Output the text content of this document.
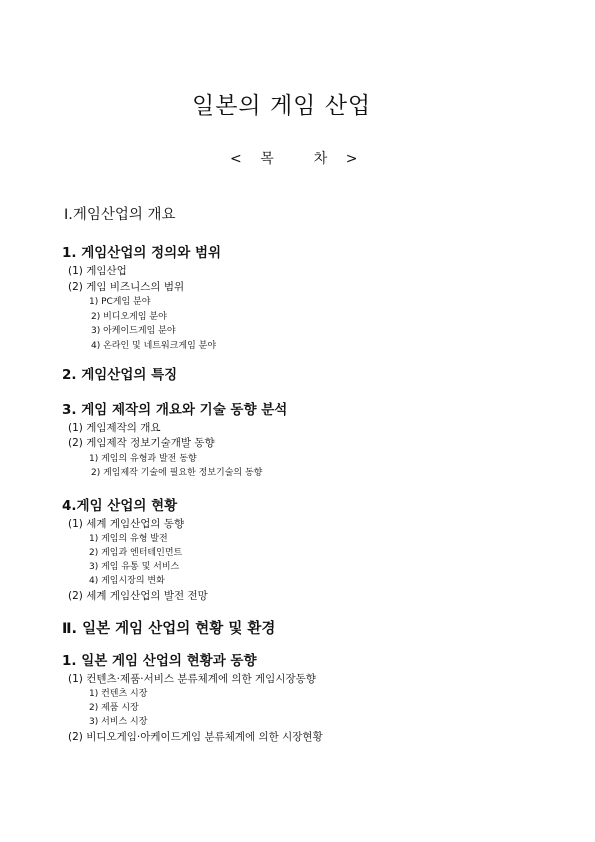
일본의 게임 산업
< 목	차 >
Ⅰ.게임산업의 개요
1. 게임산업의 정의와 범위
(1) 게임산업
(2) 게임 비즈니스의 범위
1) PC게임 분야
2) 비디오게임 분야
3) 아케이드게임 분야
4) 온라인 및 네트워크게임 분야
2. 게임산업의 특징
3. 게임 제작의 개요와 기술 동향 분석
(1) 게임제작의 개요
(2) 게임제작 정보기술개발 동향
1) 게임의 유형과 발전 동향
2) 게임제작 기술에 필요한 정보기술의 동향
4.게임 산업의 현황
(1) 세계 게임산업의 동향
1) 게임의 유형 발전
2) 게임과 엔터테인먼트
3) 게임 유통 및 서비스
4) 게임시장의 변화
(2) 세계 게임산업의 발전 전망
Ⅱ. 일본 게임 산업의 현황 및 환경
1. 일본 게임 산업의 현황과 동향
(1) 컨텐츠·제품·서비스 분류체계에 의한 게임시장동향
1) 컨텐츠 시장
2) 제품 시장
3) 서비스 시장
(2) 비디오게임·아케이드게임 분류체계에 의한 시장현황
